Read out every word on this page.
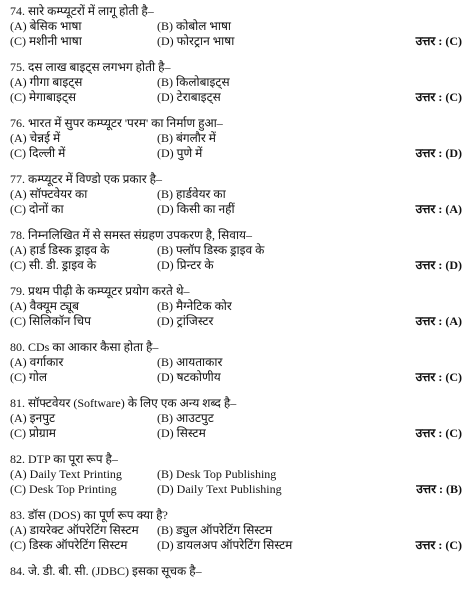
74. सारे कम्प्यूटरों में लागू होती है–
(A) बेसिक भाषा	(B) कोबोल भाषा
(C) मशीनी भाषा	(D) फोरट्रान भाषा	उत्तर : (C)
75. दस लाख बाइट्स लगभग होती है–
(A) गीगा बाइट्स	(B) किलोबाइट्स
(C) मेगाबाइट्स	(D) टेराबाइट्स	उत्तर : (C)
76. भारत में सुपर कम्प्यूटर 'परम' का निर्माण हुआ–
(A) चेन्नई में	(B) बंगलौर में
(C) दिल्ली में	(D) पुणे में	उत्तर : (D)
77. कम्प्यूटर में विण्डो एक प्रकार है–
(A) सॉफ्टवेयर का	(B) हार्डवेयर का
(C) दोनों का	(D) किसी का नहीं	उत्तर : (A)
78. निम्नलिखित में से समस्त संग्रहण उपकरण है, सिवाय–
(A) हार्ड डिस्क ड्राइव के	(B) फ्लॉप डिस्क ड्राइव के
(C) सी. डी. ड्राइव के	(D) प्रिन्टर के	उत्तर : (D)
79. प्रथम पीढ़ी के कम्प्यूटर प्रयोग करते थे–
(A) वैक्यूम ट्यूब	(B) मैग्नेटिक कोर
(C) सिलिकॉन चिप	(D) ट्रांजिस्टर	उत्तर : (A)
80. CDs का आकार कैसा होता है–
(A) वर्गाकार	(B) आयताकार
(C) गोल	(D) षटकोणीय	उत्तर : (C)
81. सॉफ्टवेयर (Software) के लिए एक अन्य शब्द है–
(A) इनपुट	(B) आउटपुट
(C) प्रोग्राम	(D) सिस्टम	उत्तर : (C)
82. DTP का पूरा रूप है–
(A) Daily Text Printing	(B) Desk Top Publishing
(C) Desk Top Printing	(D) Daily Text Publishing	उत्तर : (B)
83. डॉस (DOS) का पूर्ण रूप क्या है?
(A) डायरेक्ट ऑपरेटिंग सिस्टम	(B) ड्युल ऑपरेटिंग सिस्टम
(C) डिस्क ऑपरेटिंग सिस्टम	(D) डायलअप ऑपरेटिंग सिस्टम	उत्तर : (C)
84. जे. डी. बी. सी. (JDBC) इसका सूचक है–
